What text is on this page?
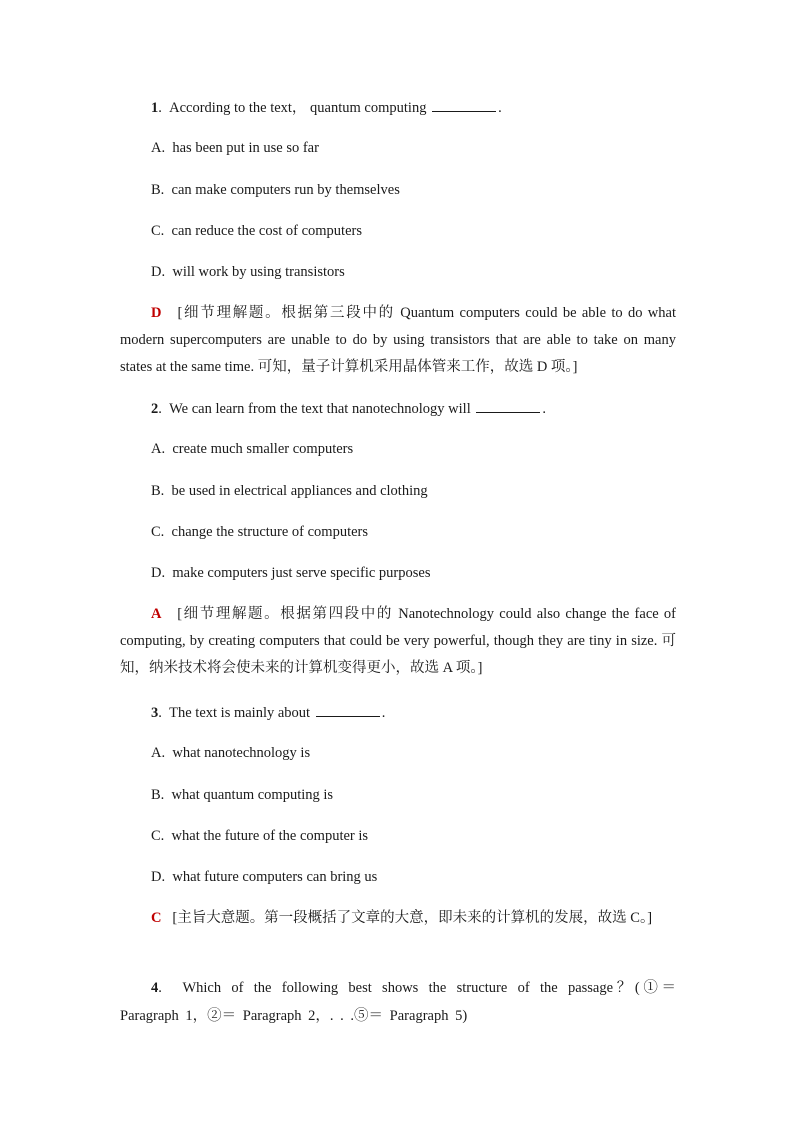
1.  According to the text， quantum computing	.
A.  has been put in use so far
B.  can make computers run by themselves
C.  can reduce the cost of computers
D.  will work by using transistors
D [细节理解题。根据第三段中的 Quantum computers could be able to do what modern supercomputers are unable to do by using transistors that are able to take on many states at the same time. 可知，量子计算机采用晶体管来工作，故选 D 项。]
2.  We can learn from the text that nanotechnology will	.
A.  create much smaller computers
B.  be used in electrical appliances and clothing
C.  change the structure of computers
D.  make computers just serve specific purposes
A [细节理解题。根据第四段中的 Nanotechnology could also change the face of computing, by creating computers that could be very powerful, though they are tiny in size. 可知，纳米技术将会使未来的计算机变得更小，故选 A 项。]
3.  The text is mainly about	.
A.  what nanotechnology is
B.  what quantum computing is
C.  what the future of the computer is
D.  what future computers can bring us
C [主旨大意题。第一段概括了文章的大意，即未来的计算机的发展，故选 C。]
4.  Which of the following best shows the structure of the passage？(①＝ Paragraph 1，②＝ Paragraph 2，. . .⑤＝ Paragraph 5)
